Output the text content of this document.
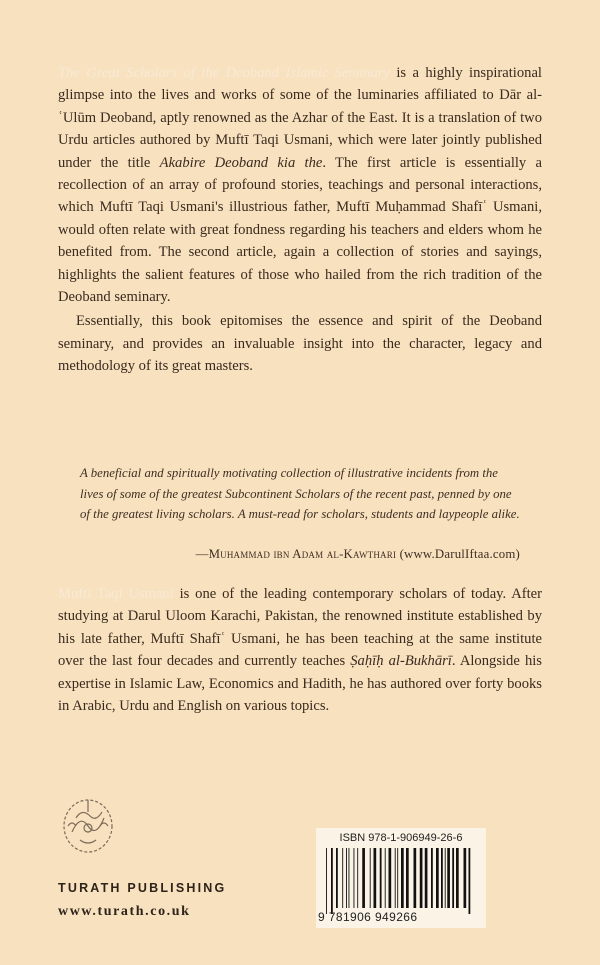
The Great Scholars of the Deoband Islamic Seminary is a highly inspirational glimpse into the lives and works of some of the luminaries affiliated to Dār al-ʿUlūm Deoband, aptly renowned as the Azhar of the East. It is a translation of two Urdu articles authored by Muftī Taqi Usmani, which were later jointly published under the title Akabire Deoband kia the. The first article is essentially a recollection of an array of profound stories, teachings and personal interactions, which Muftī Taqi Usmani's illustrious father, Muftī Muḥammad Shafīʿ Usmani, would often relate with great fondness regarding his teachers and elders whom he benefited from. The second article, again a collection of stories and sayings, highlights the salient features of those who hailed from the rich tradition of the Deoband seminary.

Essentially, this book epitomises the essence and spirit of the Deoband seminary, and provides an invaluable insight into the character, legacy and methodology of its great masters.

A beneficial and spiritually motivating collection of illustrative incidents from the lives of some of the greatest Subcontinent Scholars of the recent past, penned by one of the greatest living scholars. A must-read for scholars, students and laypeople alike.

—Muhammad ibn Adam al-Kawthari (www.DarulIftaa.com)

Muftī Taqi Usmani is one of the leading contemporary scholars of today. After studying at Darul Uloom Karachi, Pakistan, the renowned institute established by his late father, Muftī Shafīʿ Usmani, he has been teaching at the same institute over the last four decades and currently teaches Ṣaḥīḥ al-Bukhārī. Alongside his expertise in Islamic Law, Economics and Hadith, he has authored over forty books in Arabic, Urdu and English on various topics.

TURATH PUBLISHING
www.turath.co.uk
ISBN 978-1-906949-26-6
9 781906 949266
